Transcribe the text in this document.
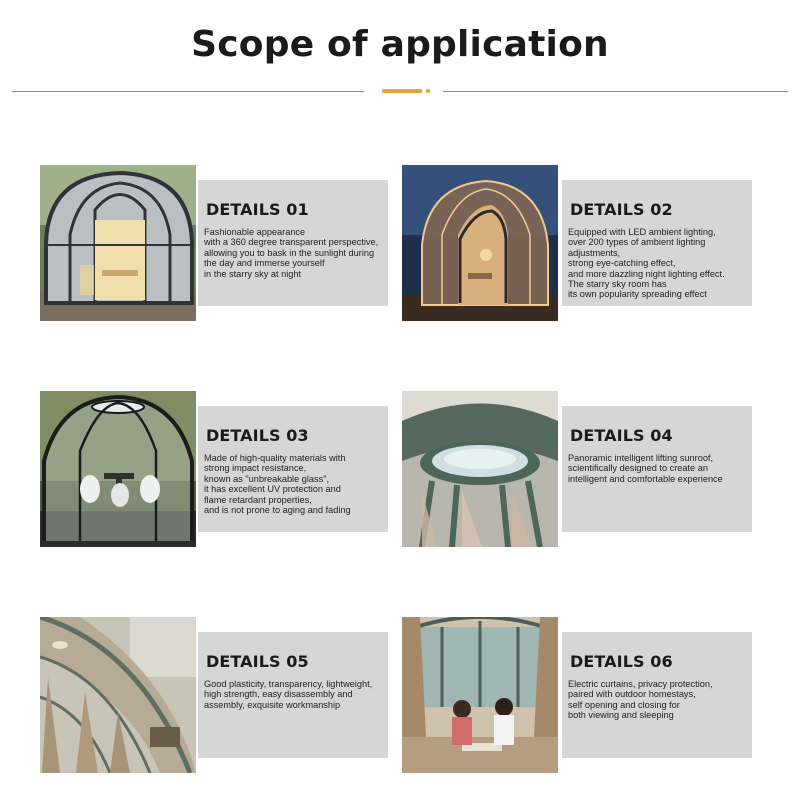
Scope of application
DETAILS 01
Fashionable appearance
with a 360 degree transparent perspective,
allowing you to bask in the sunlight during
the day and immerse yourself
in the starry sky at night
DETAILS 02
Equipped with LED ambient lighting,
over 200 types of ambient lighting adjustments,
strong eye-catching effect,
and more dazzling night lighting effect.
The starry sky room has
its own popularity spreading effect
DETAILS 03
Made of high-quality materials with
strong impact resistance,
known as "unbreakable glass",
it has excellent UV protection and
flame retardant properties,
and is not prone to aging and fading
DETAILS 04
Panoramic intelligent lifting sunroof,
scientifically designed to create an
intelligent and comfortable experience
DETAILS 05
Good plasticity, transparency, lightweight,
high strength, easy disassembly and
assembly, exquisite workmanship
DETAILS 06
Electric curtains, privacy protection,
paired with outdoor homestays,
self opening and closing for
both viewing and sleeping
